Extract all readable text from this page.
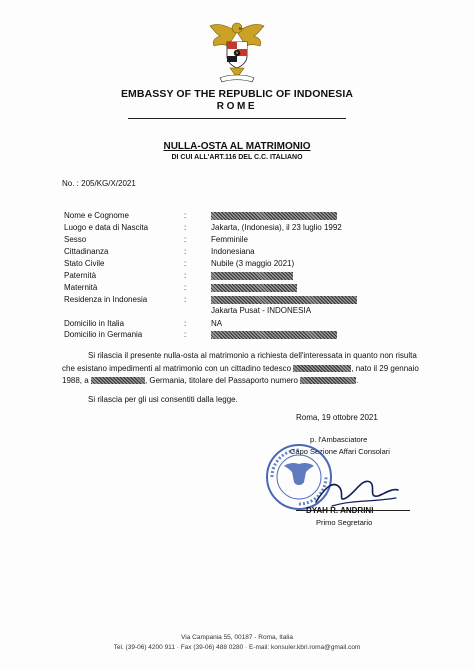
EMBASSY OF THE REPUBLIC OF INDONESIA
ROME
NULLA-OSTA AL MATRIMONIO
DI CUI ALL'ART.116 DEL C.C. ITALIANO
No. : 205/KG/X/2021
Nome e Cognome	:
Luogo e data di Nascita	:	Jakarta, (Indonesia), il 23 luglio 1992
Sesso	:	Femminile
Cittadinanza	:	Indonesiana
Stato Civile	:	Nubile (3 maggio 2021)
Paternità	:
Maternità	:
Residenza in Indonesia	:
Jakarta Pusat - INDONESIA
Domicilio in Italia	:	NA
Domicilio in Germania	:

Si rilascia il presente nulla-osta al matrimonio a richiesta dell'interessata in quanto non risulta che esistano impedimenti al matrimonio con un cittadino tedesco	, nato il 29 gennaio 1988, a	, Germania, titolare del Passaporto numero	.

Si rilascia per gli usi consentiti dalla legge.
Roma, 19 ottobre 2021
p. l'Ambasciatore
Capo Sezione Affari Consolari
DYAH R. ANDRINI
Primo Segretario
Via Campania 55, 00187 - Roma, Italia
Tel. (39-06) 4200 911 · Fax (39-06) 488 0280 · E-mail: konsuler.kbri.roma@gmail.com
